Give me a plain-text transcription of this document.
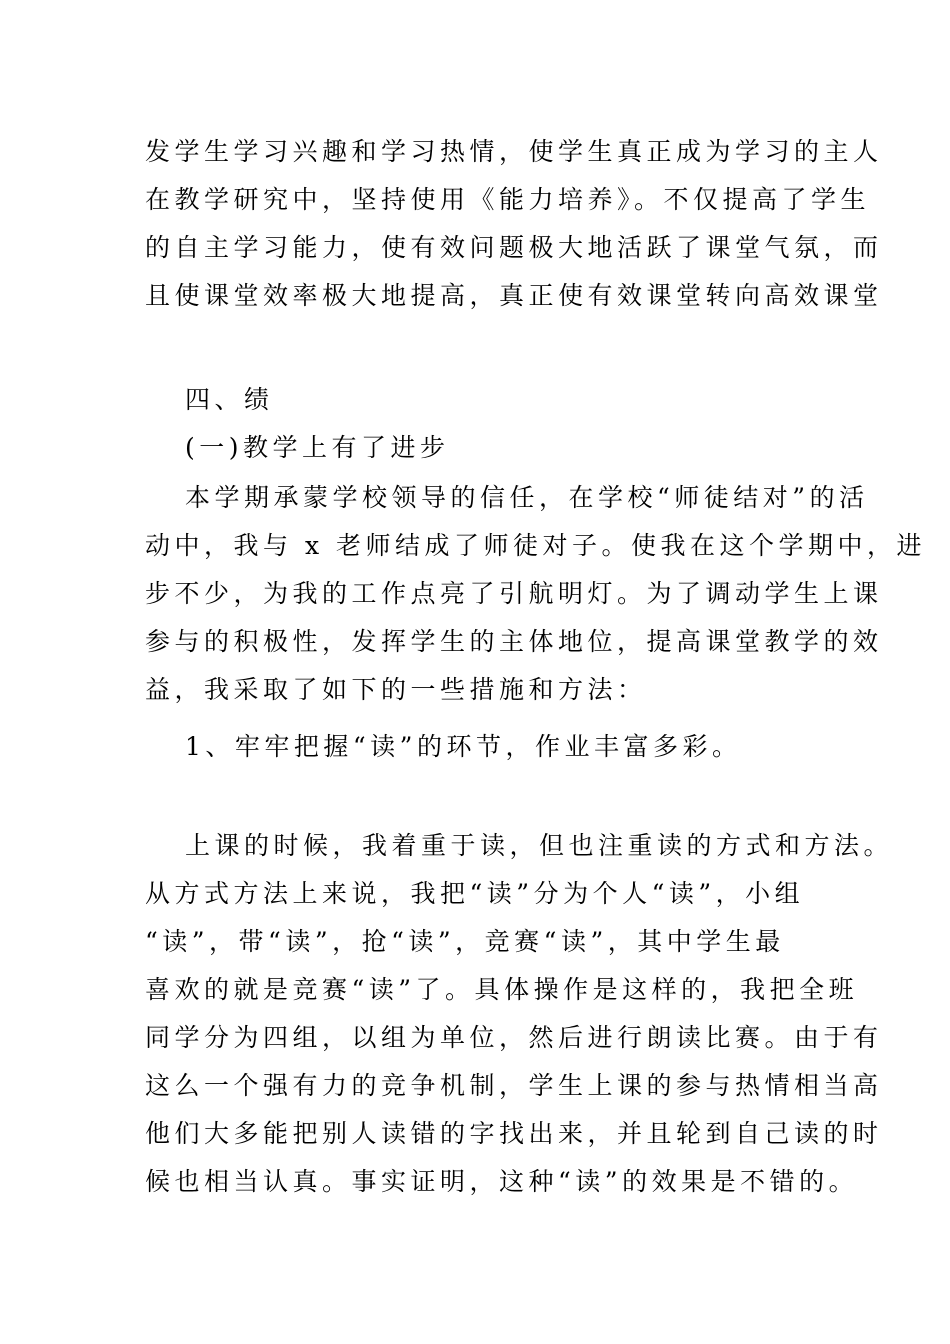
发学生学习兴趣和学习热情，使学生真正成为学习的主人
在教学研究中，坚持使用《能力培养》。不仅提高了学生
的自主学习能力，使有效问题极大地活跃了课堂气氛，而
且使课堂效率极大地提高，真正使有效课堂转向高效课堂
四、绩
(一)教学上有了进步
本学期承蒙学校领导的信任，在学校“师徒结对”的活
动中，我与 x 老师结成了师徒对子。使我在这个学期中，进
步不少，为我的工作点亮了引航明灯。为了调动学生上课
参与的积极性，发挥学生的主体地位，提高课堂教学的效
益，我采取了如下的一些措施和方法：
1、牢牢把握“读”的环节，作业丰富多彩。
上课的时候，我着重于读，但也注重读的方式和方法。
从方式方法上来说，我把“读”分为个人“读”，小组
“读”，带“读”，抢“读”，竞赛“读”，其中学生最
喜欢的就是竞赛“读”了。具体操作是这样的，我把全班
同学分为四组，以组为单位，然后进行朗读比赛。由于有
这么一个强有力的竞争机制，学生上课的参与热情相当高
他们大多能把别人读错的字找出来，并且轮到自己读的时
候也相当认真。事实证明，这种“读”的效果是不错的。
